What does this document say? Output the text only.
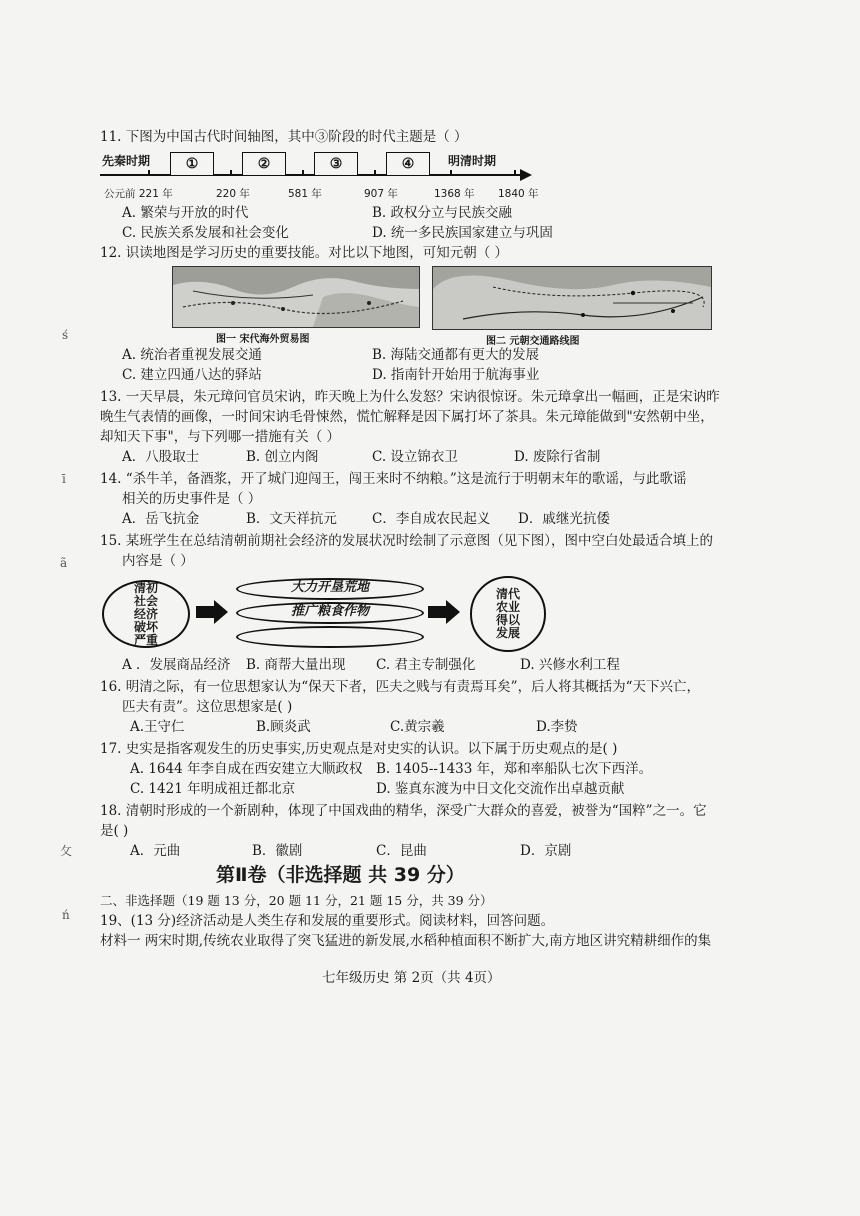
11. 下图为中国古代时间轴图，其中③阶段的时代主题是（ ）
先秦时期	明清时期
①	②	③	④
公元前 221 年	220 年	581 年	907 年	1368 年 1840 年
A. 繁荣与开放的时代	B. 政权分立与民族交融
C. 民族关系发展和社会变化	D. 统一多民族国家建立与巩固
12. 识读地图是学习历史的重要技能。对比以下地图，可知元朝（ ）
图一 宋代海外贸易图	图二 元朝交通路线图
A. 统治者重视发展交通	B. 海陆交通都有更大的发展
C. 建立四通八达的驿站	D. 指南针开始用于航海事业
13. 一天早晨，朱元璋问官员宋讷，昨天晚上为什么发怒？宋讷很惊讶。朱元璋拿出一幅画，正是宋讷昨
晚生气表情的画像，一时间宋讷毛骨悚然，慌忙解释是因下属打坏了茶具。朱元璋能做到"安然朝中坐，
却知天下事"，与下列哪一措施有关（ ）
A．八股取士	B. 创立内阁	C. 设立锦衣卫	D. 废除行省制
14. “杀牛羊，备酒浆，开了城门迎闯王，闯王来时不纳粮。”这是流行于明朝末年的歌谣，与此歌谣
相关的历史事件是（ ）
A．岳飞抗金	B．文天祥抗元	C．李自成农民起义 D．戚继光抗倭
15. 某班学生在总结清朝前期社会经济的发展状况时绘制了示意图（见下图），图中空白处最适合填上的
内容是（ ）
清初
社会
经济
破坏
严重
大力开垦荒地
推广粮食作物
清代
农业
得以
发展
A ．发展商品经济 B. 商帮大量出现 C. 君主专制强化	D. 兴修水利工程
16. 明清之际，有一位思想家认为“保天下者，匹夫之贱与有责焉耳矣”，后人将其概括为“天下兴亡，
匹夫有责”。这位思想家是( )
A.王守仁	B.顾炎武	C.黄宗羲	D.李贽
17. 史实是指客观发生的历史事实,历史观点是对史实的认识。以下属于历史观点的是( )
A. 1644 年李自成在西安建立大顺政权 B. 1405--1433 年，郑和率船队七次下西洋。
C. 1421 年明成祖迁都北京	D. 鉴真东渡为中日文化交流作出卓越贡献
18. 清朝时形成的一个新剧种，体现了中国戏曲的精华，深受广大群众的喜爱，被誉为“国粹”之一。它
是( )
A．元曲	B．徽剧	C．昆曲	D．京剧
第Ⅱ卷（非选择题 共 39 分）
二、非选择题（19 题 13 分，20 题 11 分，21 题 15 分，共 39 分）
19、(13 分)经济活动是人类生存和发展的重要形式。阅读材料，回答问题。
材料一 两宋时期,传统农业取得了突飞猛进的新发展,水稻种植面积不断扩大,南方地区讲究精耕细作的集
七年级历史 第 2页（共 4页）
ś
ī
ã
攵
ń
